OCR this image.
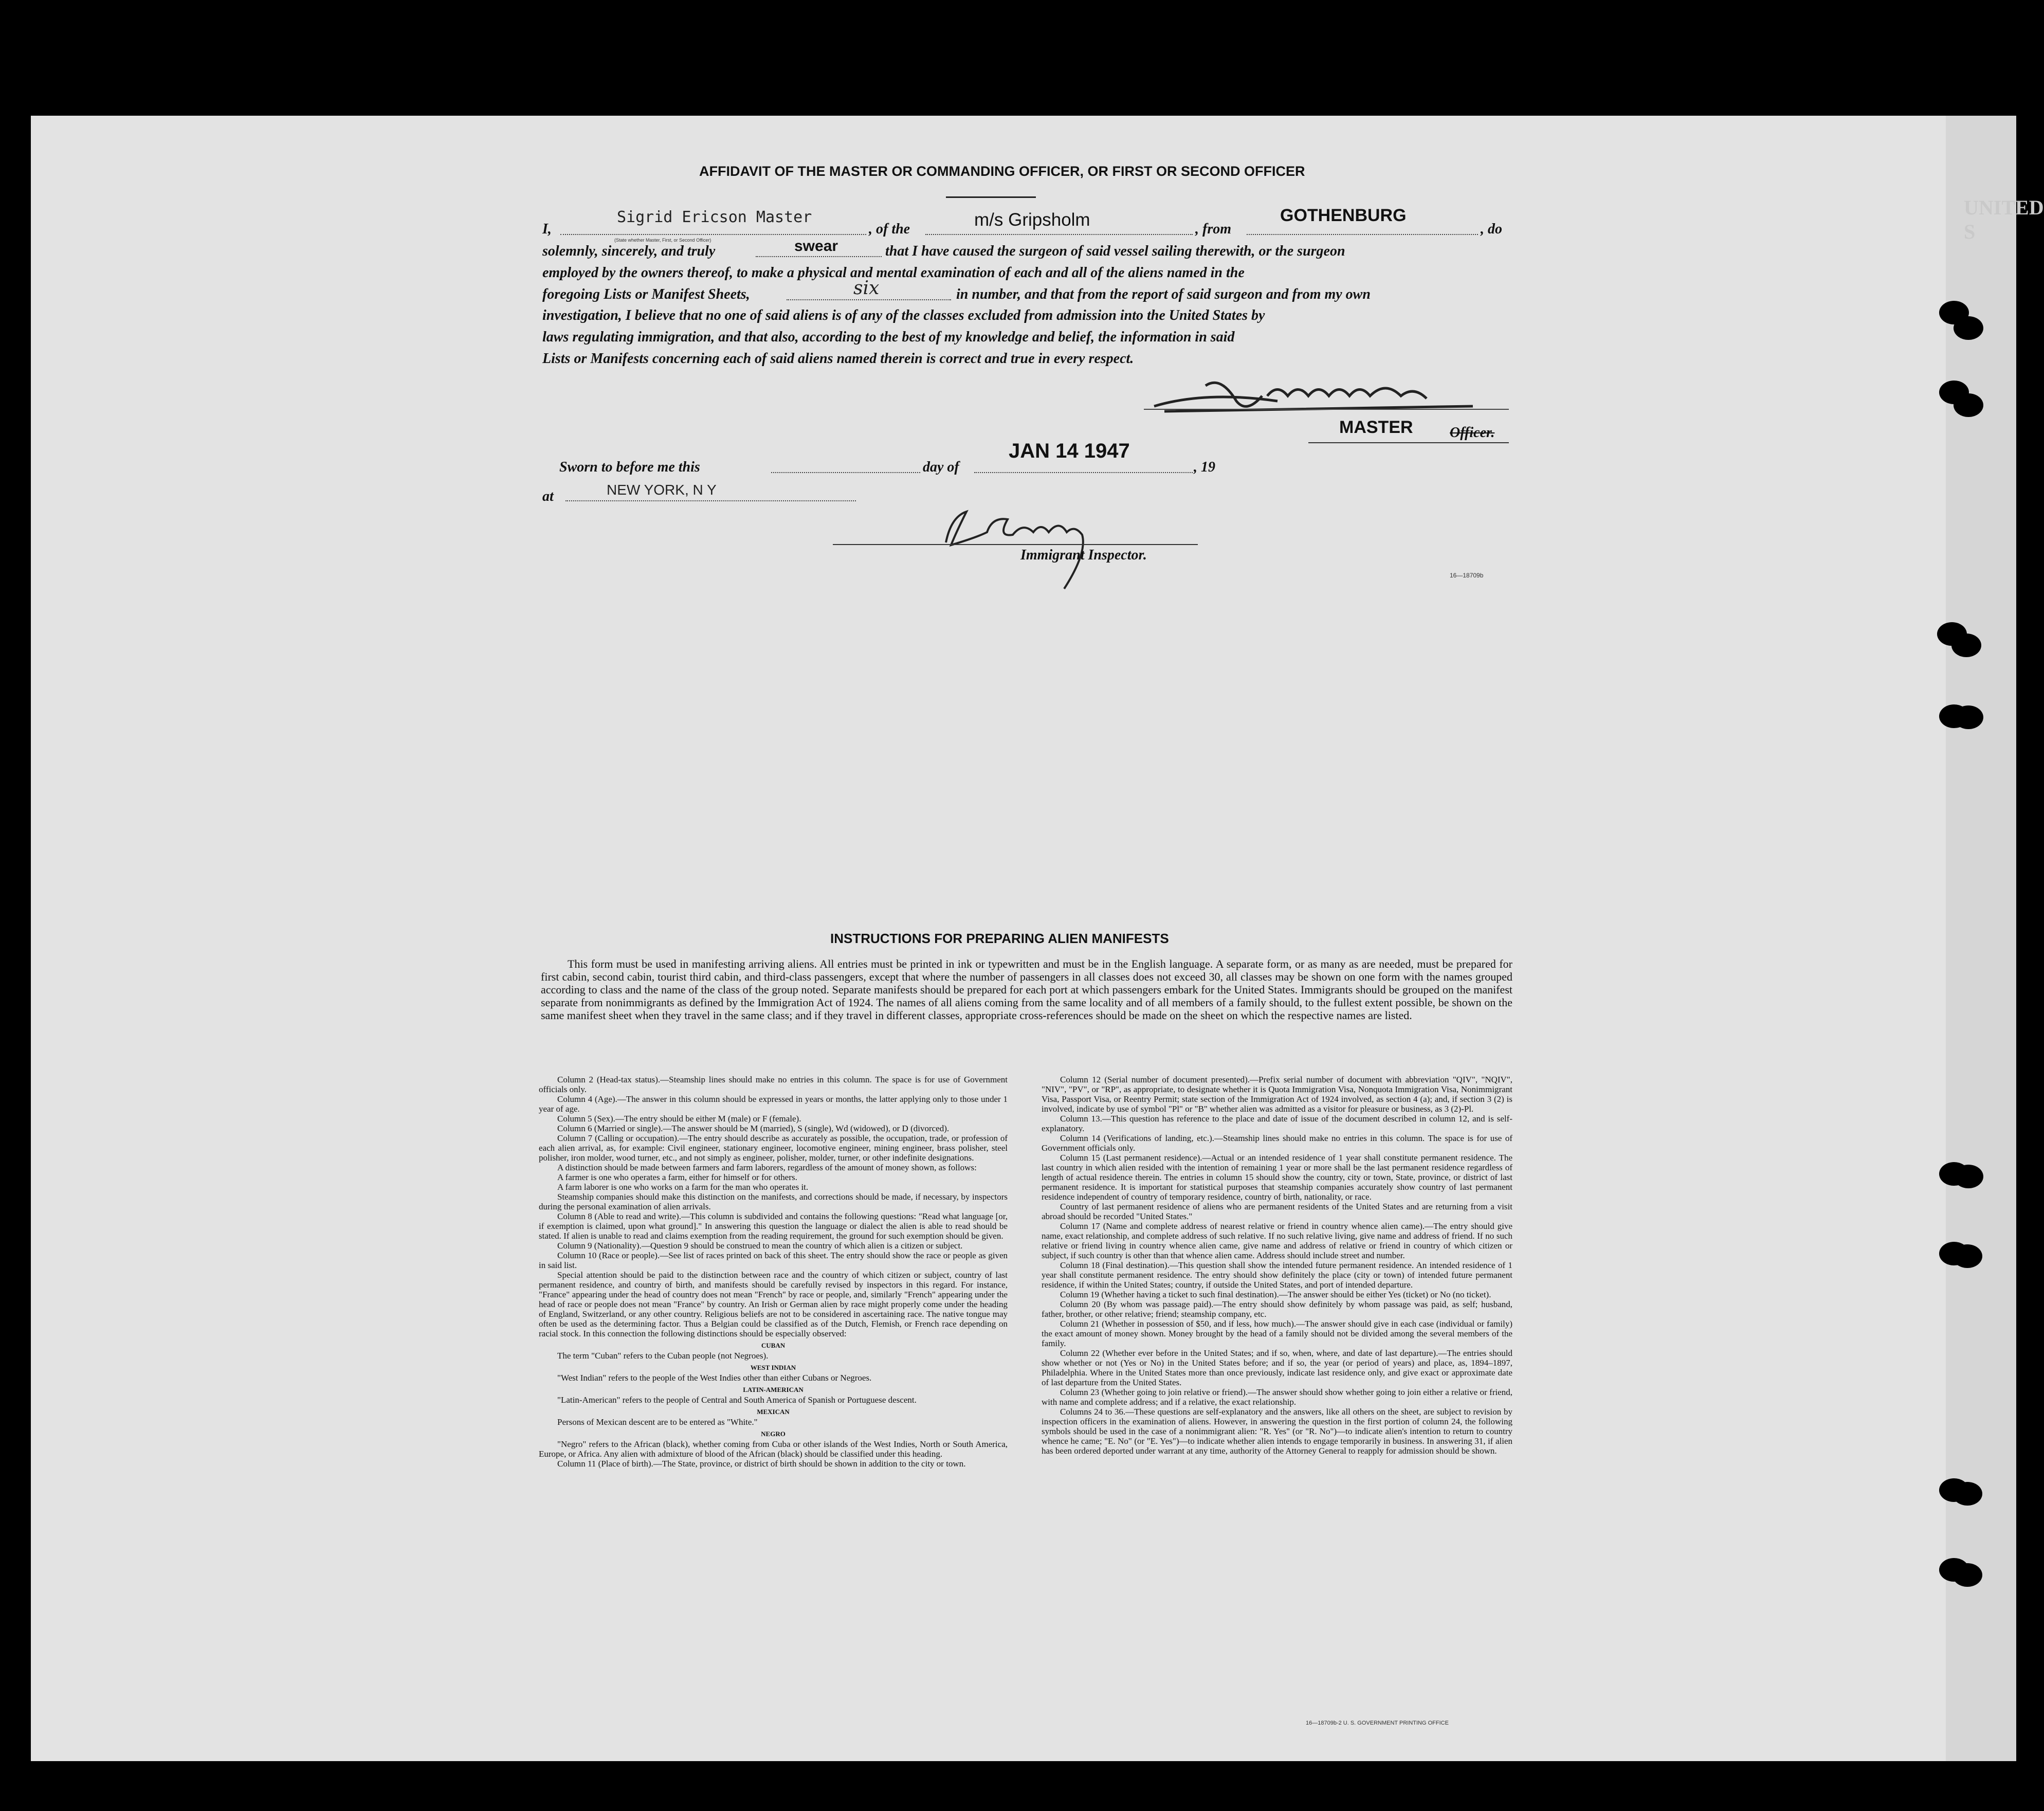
UNITED S
AFFIDAVIT OF THE MASTER OR COMMANDING OFFICER, OR FIRST OR SECOND OFFICER
I,
Sigrid Ericson Master
(State whether Master, First, or Second Officer)
, of the	m/s Gripsholm	, from
GOTHENBURG
, do
solemnly, sincerely, and truly	swear	that I have caused the surgeon of said vessel sailing therewith, or the surgeon
employed by the owners thereof, to make a physical and mental examination of each and all of the aliens named in the
foregoing Lists or Manifest Sheets,	six	in number, and that from the report of said surgeon and from my own
investigation, I believe that no one of said aliens is of any of the classes excluded from admission into the United States by
laws regulating immigration, and that also, according to the best of my knowledge and belief, the information in said
Lists or Manifests concerning each of said aliens named therein is correct and true in every respect.
MASTER	Officer.
Sworn to before me this	day of
JAN 14 1947
, 19
at	NEW YORK, N Y
Immigrant Inspector.
16—18709b
INSTRUCTIONS FOR PREPARING ALIEN MANIFESTS
This form must be used in manifesting arriving aliens. All entries must be printed in ink or typewritten and must be in the English language. A separate form, or as many as are needed, must be prepared for first cabin, second cabin, tourist third cabin, and third-class passengers, except that where the number of passengers in all classes does not exceed 30, all classes may be shown on one form with the names grouped according to class and the name of the class of the group noted. Separate manifests should be prepared for each port at which passengers embark for the United States. Immigrants should be grouped on the manifest separate from nonimmigrants as defined by the Immigration Act of 1924. The names of all aliens coming from the same locality and of all members of a family should, to the fullest extent possible, be shown on the same manifest sheet when they travel in the same class; and if they travel in different classes, appropriate cross-references should be made on the sheet on which the respective names are listed.

Column 2 (Head-tax status).—Steamship lines should make no entries in this column. The space is for use of Government officials only.

Column 4 (Age).—The answer in this column should be expressed in years or months, the latter applying only to those under 1 year of age.

Column 5 (Sex).—The entry should be either M (male) or F (female).

Column 6 (Married or single).—The answer should be M (married), S (single), Wd (widowed), or D (divorced).

Column 7 (Calling or occupation).—The entry should describe as accurately as possible, the occupation, trade, or profession of each alien arrival, as, for example: Civil engineer, stationary engineer, locomotive engineer, mining engineer, brass polisher, steel polisher, iron molder, wood turner, etc., and not simply as engineer, polisher, molder, turner, or other indefinite designations.

A distinction should be made between farmers and farm laborers, regardless of the amount of money shown, as follows:

A farmer is one who operates a farm, either for himself or for others.

A farm laborer is one who works on a farm for the man who operates it.

Steamship companies should make this distinction on the manifests, and corrections should be made, if necessary, by inspectors during the personal examination of alien arrivals.

Column 8 (Able to read and write).—This column is subdivided and contains the following questions: "Read what language [or, if exemption is claimed, upon what ground]." In answering this question the language or dialect the alien is able to read should be stated. If alien is unable to read and claims exemption from the reading requirement, the ground for such exemption should be given.

Column 9 (Nationality).—Question 9 should be construed to mean the country of which alien is a citizen or subject.

Column 10 (Race or people).—See list of races printed on back of this sheet. The entry should show the race or people as given in said list.

Special attention should be paid to the distinction between race and the country of which citizen or subject, country of last permanent residence, and country of birth, and manifests should be carefully revised by inspectors in this regard. For instance, "France" appearing under the head of country does not mean "French" by race or people, and, similarly "French" appearing under the head of race or people does not mean "France" by country. An Irish or German alien by race might properly come under the heading of England, Switzerland, or any other country. Religious beliefs are not to be considered in ascertaining race. The native tongue may often be used as the determining factor. Thus a Belgian could be classified as of the Dutch, Flemish, or French race depending on racial stock. In this connection the following distinctions should be especially observed:

CUBAN

The term "Cuban" refers to the Cuban people (not Negroes).

WEST INDIAN

"West Indian" refers to the people of the West Indies other than either Cubans or Negroes.

LATIN-AMERICAN

"Latin-American" refers to the people of Central and South America of Spanish or Portuguese descent.

MEXICAN

Persons of Mexican descent are to be entered as "White."

NEGRO

"Negro" refers to the African (black), whether coming from Cuba or other islands of the West Indies, North or South America, Europe, or Africa. Any alien with admixture of blood of the African (black) should be classified under this heading.

Column 11 (Place of birth).—The State, province, or district of birth should be shown in addition to the city or town.

Column 12 (Serial number of document presented).—Prefix serial number of document with abbreviation "QIV", "NQIV", "NIV", "PV", or "RP", as appropriate, to designate whether it is Quota Immigration Visa, Nonquota Immigration Visa, Nonimmigrant Visa, Passport Visa, or Reentry Permit; state section of the Immigration Act of 1924 involved, as section 4 (a); and, if section 3 (2) is involved, indicate by use of symbol "Pl" or "B" whether alien was admitted as a visitor for pleasure or business, as 3 (2)-Pl.

Column 13.—This question has reference to the place and date of issue of the document described in column 12, and is self-explanatory.

Column 14 (Verifications of landing, etc.).—Steamship lines should make no entries in this column. The space is for use of Government officials only.

Column 15 (Last permanent residence).—Actual or an intended residence of 1 year shall constitute permanent residence. The last country in which alien resided with the intention of remaining 1 year or more shall be the last permanent residence regardless of length of actual residence therein. The entries in column 15 should show the country, city or town, State, province, or district of last permanent residence. It is important for statistical purposes that steamship companies accurately show country of last permanent residence independent of country of temporary residence, country of birth, nationality, or race.

Country of last permanent residence of aliens who are permanent residents of the United States and are returning from a visit abroad should be recorded "United States."

Column 17 (Name and complete address of nearest relative or friend in country whence alien came).—The entry should give name, exact relationship, and complete address of such relative. If no such relative living, give name and address of friend. If no such relative or friend living in country whence alien came, give name and address of relative or friend in country of which citizen or subject, if such country is other than that whence alien came. Address should include street and number.

Column 18 (Final destination).—This question shall show the intended future permanent residence. An intended residence of 1 year shall constitute permanent residence. The entry should show definitely the place (city or town) of intended future permanent residence, if within the United States; country, if outside the United States, and port of intended departure.

Column 19 (Whether having a ticket to such final destination).—The answer should be either Yes (ticket) or No (no ticket).

Column 20 (By whom was passage paid).—The entry should show definitely by whom passage was paid, as self; husband, father, brother, or other relative; friend; steamship company, etc.

Column 21 (Whether in possession of $50, and if less, how much).—The answer should give in each case (individual or family) the exact amount of money shown. Money brought by the head of a family should not be divided among the several members of the family.

Column 22 (Whether ever before in the United States; and if so, when, where, and date of last departure).—The entries should show whether or not (Yes or No) in the United States before; and if so, the year (or period of years) and place, as, 1894–1897, Philadelphia. Where in the United States more than once previously, indicate last residence only, and give exact or approximate date of last departure from the United States.

Column 23 (Whether going to join relative or friend).—The answer should show whether going to join either a relative or friend, with name and complete address; and if a relative, the exact relationship.

Columns 24 to 36.—These questions are self-explanatory and the answers, like all others on the sheet, are subject to revision by inspection officers in the examination of aliens. However, in answering the question in the first portion of column 24, the following symbols should be used in the case of a nonimmigrant alien: "R. Yes" (or "R. No")—to indicate alien's intention to return to country whence he came; "E. No" (or "E. Yes")—to indicate whether alien intends to engage temporarily in business. In answering 31, if alien has been ordered deported under warrant at any time, authority of the Attorney General to reapply for admission should be shown.

16—18709b-2 U. S. GOVERNMENT PRINTING OFFICE
